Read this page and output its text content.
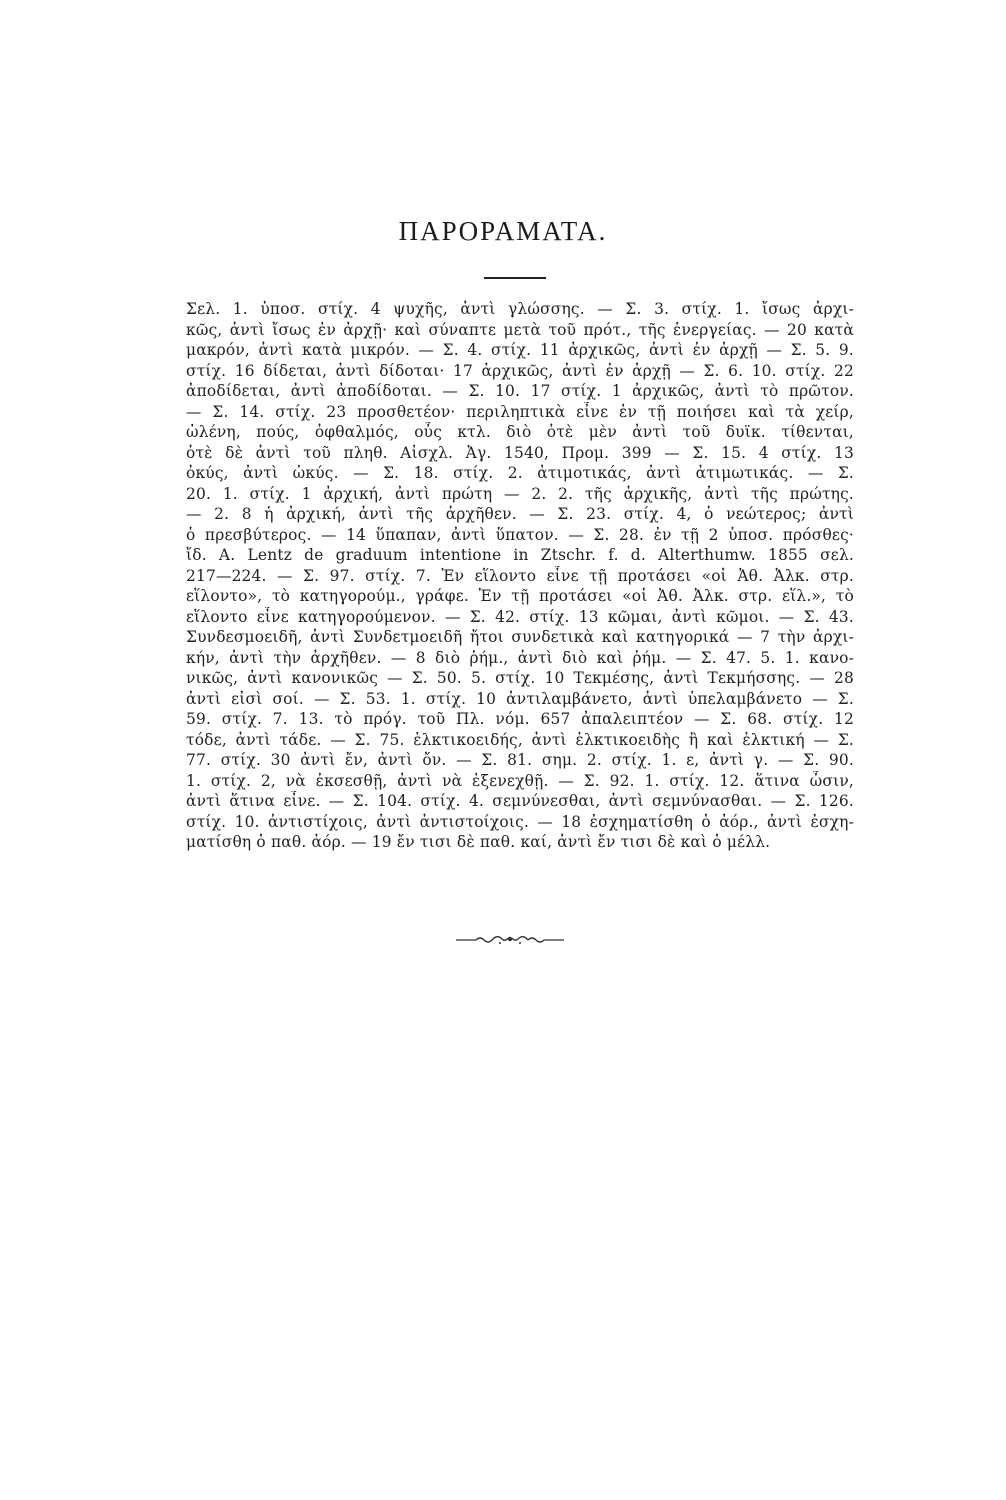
ΠΑΡΟΡΑΜΑΤΑ.
Σελ. 1. ὑποσ. στίχ. 4 ψυχῆς, ἀντὶ γλώσσης. — Σ. 3. στίχ. 1. ἴσως ἀρχι-
κῶς, ἀντὶ ἴσως ἐν ἀρχῇ· καὶ σύναπτε μετὰ τοῦ πρότ., τῆς ἐνεργείας. — 20 κατὰ
μακρόν, ἀντὶ κατὰ μικρόν. — Σ. 4. στίχ. 11 ἀρχικῶς, ἀντὶ ἐν ἀρχῇ — Σ. 5. 9.
στίχ. 16 δίδεται, ἀντὶ δίδοται· 17 ἀρχικῶς, ἀντὶ ἐν ἀρχῇ — Σ. 6. 10. στίχ. 22
ἀποδίδεται, ἀντὶ ἀποδίδοται. — Σ. 10. 17 στίχ. 1 ἀρχικῶς, ἀντὶ τὸ πρῶτον.
— Σ. 14. στίχ. 23 προσθετέον· περιληπτικὰ εἶνε ἐν τῇ ποιήσει καὶ τὰ χείρ,
ὠλένη, πούς, ὀφθαλμός, οὖς κτλ. διὸ ὁτὲ μὲν ἀντὶ τοῦ δυϊκ. τίθενται,
ὁτὲ δὲ ἀντὶ τοῦ πληθ. Αἰσχλ. Ἀγ. 1540, Προμ. 399 — Σ. 15. 4 στίχ. 13
ὀκύς, ἀντὶ ὠκύς. — Σ. 18. στίχ. 2. ἀτιμοτικάς, ἀντὶ ἀτιμωτικάς. — Σ.
20. 1. στίχ. 1 ἀρχική, ἀντὶ πρώτη — 2. 2. τῆς ἀρχικῆς, ἀντὶ τῆς πρώτης.
— 2. 8 ἡ ἀρχική, ἀντὶ τῆς ἀρχῆθεν. — Σ. 23. στίχ. 4, ὁ νεώτερος; ἀντὶ
ὁ πρεσβύτερος. — 14 ὕπαπαν, ἀντὶ ὕπατον. — Σ. 28. ἐν τῇ 2 ὑποσ. πρόσθες·
ἴδ. A. Lentz de graduum intentione in Ztschr. f. d. Alterthumw. 1855 σελ.
217—224. — Σ. 97. στίχ. 7. Ἐν εἵλοντο εἶνε τῇ προτάσει «οἱ Ἀθ. Ἀλκ. στρ.
εἵλοντο», τὸ κατηγορούμ., γράφε. Ἐν τῇ προτάσει «οἱ Ἀθ. Ἀλκ. στρ. εἵλ.», τὸ
εἵλοντο εἶνε κατηγορούμενον. — Σ. 42. στίχ. 13 κῶμαι, ἀντὶ κῶμοι. — Σ. 43.
Συνδεσμοειδῆ, ἀντὶ Συνδετμοειδῆ ἤτοι συνδετικὰ καὶ κατηγορικά — 7 τὴν ἀρχι-
κήν, ἀντὶ τὴν ἀρχῆθεν. — 8 διὸ ῥήμ., ἀντὶ διὸ καὶ ῥήμ. — Σ. 47. 5. 1. κανο-
νικῶς, ἀντὶ κανονικῶς — Σ. 50. 5. στίχ. 10 Τεκμέσης, ἀντὶ Τεκμήσσης. — 28
ἀντὶ εἰσὶ σοί. — Σ. 53. 1. στίχ. 10 ἀντιλαμβάνετο, ἀντὶ ὑπελαμβάνετο — Σ.
59. στίχ. 7. 13. τὸ πρόγ. τοῦ Πλ. νόμ. 657 ἀπαλειπτέον — Σ. 68. στίχ. 12
τόδε, ἀντὶ τάδε. — Σ. 75. ἑλκτικοειδής, ἀντὶ ἑλκτικοειδὴς ἢ καὶ ἑλκτική — Σ.
77. στίχ. 30 ἀντὶ ἔν, ἀντὶ ὄν. — Σ. 81. σημ. 2. στίχ. 1. ε, ἀντὶ γ. — Σ. 90.
1. στίχ. 2, νὰ ἐκσεσθῇ, ἀντὶ νὰ ἐξενεχθῇ. — Σ. 92. 1. στίχ. 12. ἅτινα ὦσιν,
ἀντὶ ἅτινα εἶνε. — Σ. 104. στίχ. 4. σεμνύνεσθαι, ἀντὶ σεμνύνασθαι. — Σ. 126.
στίχ. 10. ἀντιστίχοις, ἀντὶ ἀντιστοίχοις. — 18 ἐσχηματίσθη ὁ ἀόρ., ἀντὶ ἐσχη-
ματίσθη ὁ παθ. ἀόρ. — 19 ἔν τισι δὲ παθ. καί, ἀντὶ ἔν τισι δὲ καὶ ὁ μέλλ.
